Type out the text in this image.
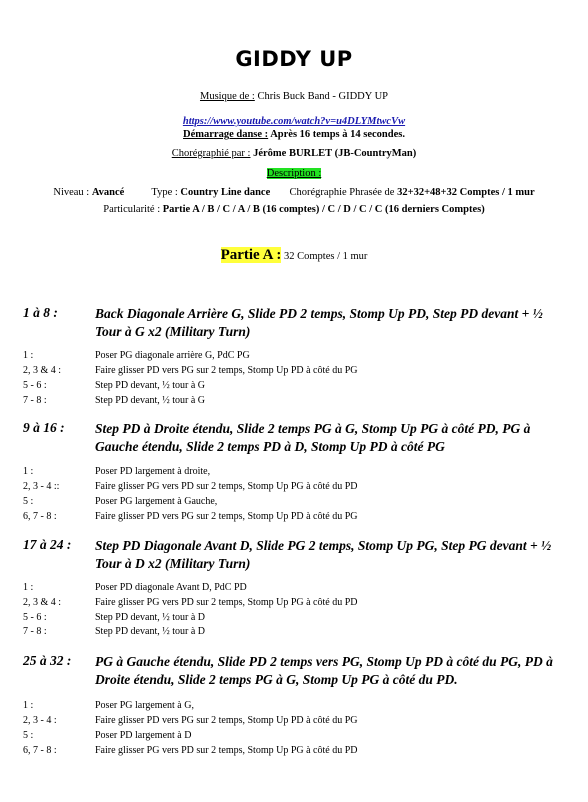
GIDDY UP
Musique de : Chris Buck Band - GIDDY UP
https://www.youtube.com/watch?v=u4DLYMtwcVw
Démarrage danse : Après 16 temps à 14 secondes.
Chorégraphié par : Jérôme BURLET (JB-CountryMan)
Description :
Niveau : Avancé	Type : Country Line dance Chorégraphie Phrasée de 32+32+48+32 Comptes / 1 mur
Particularité : Partie A / B / C / A / B (16 comptes) / C / D / C / C (16 derniers Comptes)
Partie A : 32 Comptes / 1 mur
1 à 8 :	Back Diagonale Arrière G, Slide PD 2 temps, Stomp Up PD, Step PD devant + ½ Tour à G x2 (Military Turn)
1 :	Poser PG diagonale arrière G, PdC PG
2, 3 & 4 :	Faire glisser PD vers PG sur 2 temps, Stomp Up PD à côté du PG
5 - 6 :	Step PD devant, ½ tour à G
7 - 8 :	Step PD devant, ½ tour à G
9 à 16 : Step PD à Droite étendu, Slide 2 temps PG à G, Stomp Up PG à côté PD, PG à Gauche étendu, Slide 2 temps PD à D, Stomp Up PD à côté PG
1 :	Poser PD largement à droite,
2, 3 - 4 ::	Faire glisser PG vers PD sur 2 temps, Stomp Up PG à côté du PD
5 :	Poser PG largement à Gauche,
6, 7 - 8 :	Faire glisser PD vers PG sur 2 temps, Stomp Up PD à côté du PG
17 à 24 : Step PD Diagonale Avant D, Slide PG 2 temps, Stomp Up PG, Step PG devant + ½ Tour à D x2 (Military Turn)
1 :	Poser PD diagonale Avant D, PdC PD
2, 3 & 4 :	Faire glisser PG vers PD sur 2 temps, Stomp Up PG à côté du PD
5 - 6 :	Step PD devant, ½ tour à D
7 - 8 :	Step PD devant, ½ tour à D
25 à 32 : PG à Gauche étendu, Slide PD 2 temps vers PG, Stomp Up PD à côté du PG, PD à Droite étendu, Slide 2 temps PG à G, Stomp Up PG à côté du PD.
1 :	Poser PG largement à G,
2, 3 - 4 :	Faire glisser PD vers PG sur 2 temps, Stomp Up PD à côté du PG
5 :	Poser PD largement à D
6, 7 - 8 :	Faire glisser PG vers PD sur 2 temps, Stomp Up PG à côté du PD
